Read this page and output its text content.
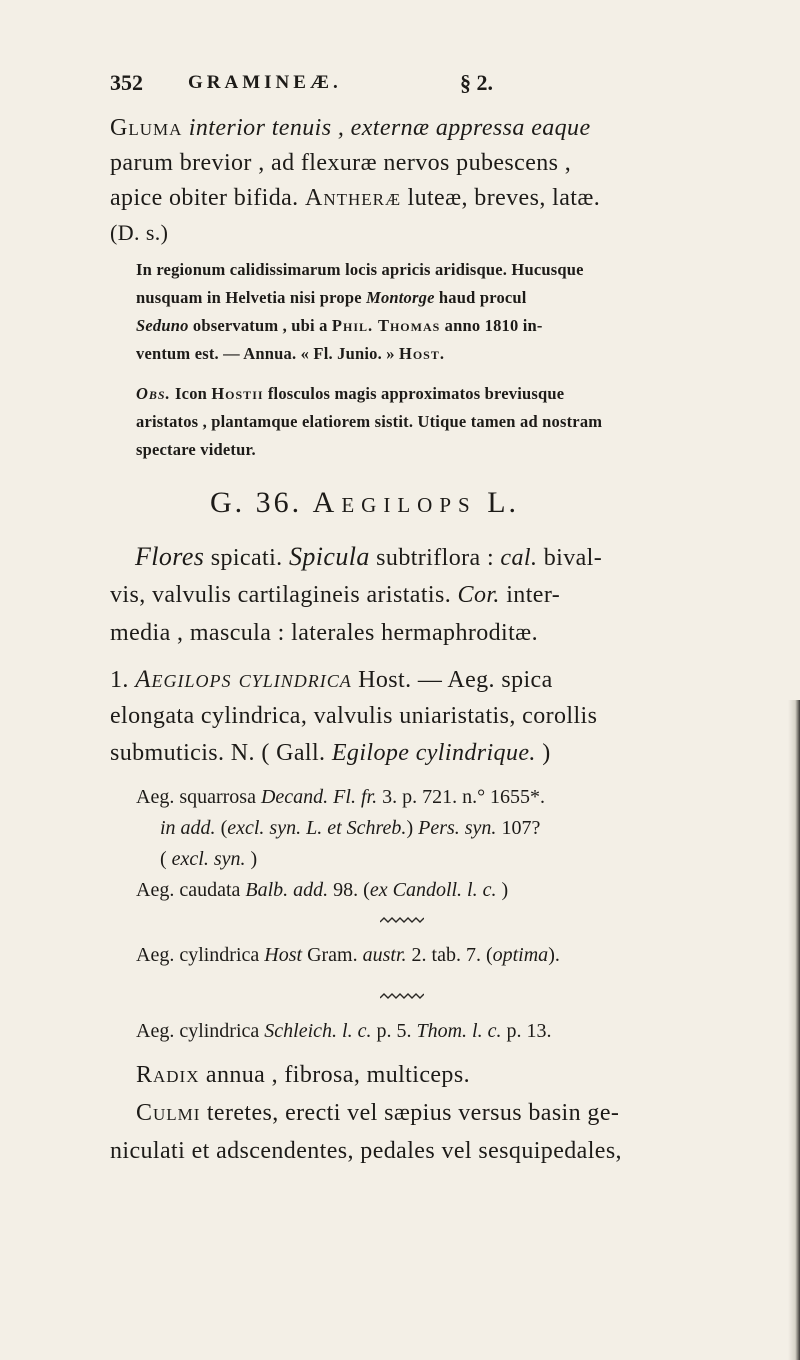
352 GRAMINEÆ.	§ 2.
Gluma interior tenuis , externæ appressa eaque
parum brevior , ad flexuræ nervos pubescens ,
apice obiter bifida. Antheræ luteæ, breves, latæ.
(D. s.)
In regionum calidissimarum locis apricis aridisque. Hucusque
nusquam in Helvetia nisi prope Montorge haud procul
Seduno observatum , ubi a Phil. Thomas anno 1810 in-
ventum est. — Annua. « Fl. Junio. » Host.
Obs. Icon Hostii flosculos magis approximatos breviusque
aristatos , plantamque elatiorem sistit. Utique tamen ad nostram
spectare videtur.
G. 36. Aegilops L.
Flores spicati. Spicula subtriflora : cal. bival-
vis, valvulis cartilagineis aristatis. Cor. inter-
media , mascula : laterales hermaphroditæ.
1. Aegilops cylindrica Host. — Aeg. spica
elongata cylindrica, valvulis uniaristatis, corollis
submuticis. N. ( Gall. Egilope cylindrique. )
Aeg. squarrosa Decand. Fl. fr. 3. p. 721. n.° 1655*.
in add. (excl. syn. L. et Schreb.) Pers. syn. 107?
( excl. syn. )
Aeg. caudata Balb. add. 98. (ex Candoll. l. c. )
Aeg. cylindrica Host Gram. austr. 2. tab. 7. (optima).
Aeg. cylindrica Schleich. l. c. p. 5. Thom. l. c. p. 13.
Radix annua , fibrosa, multiceps.
Culmi teretes, erecti vel sæpius versus basin ge-
niculati et adscendentes, pedales vel sesquipedales,
